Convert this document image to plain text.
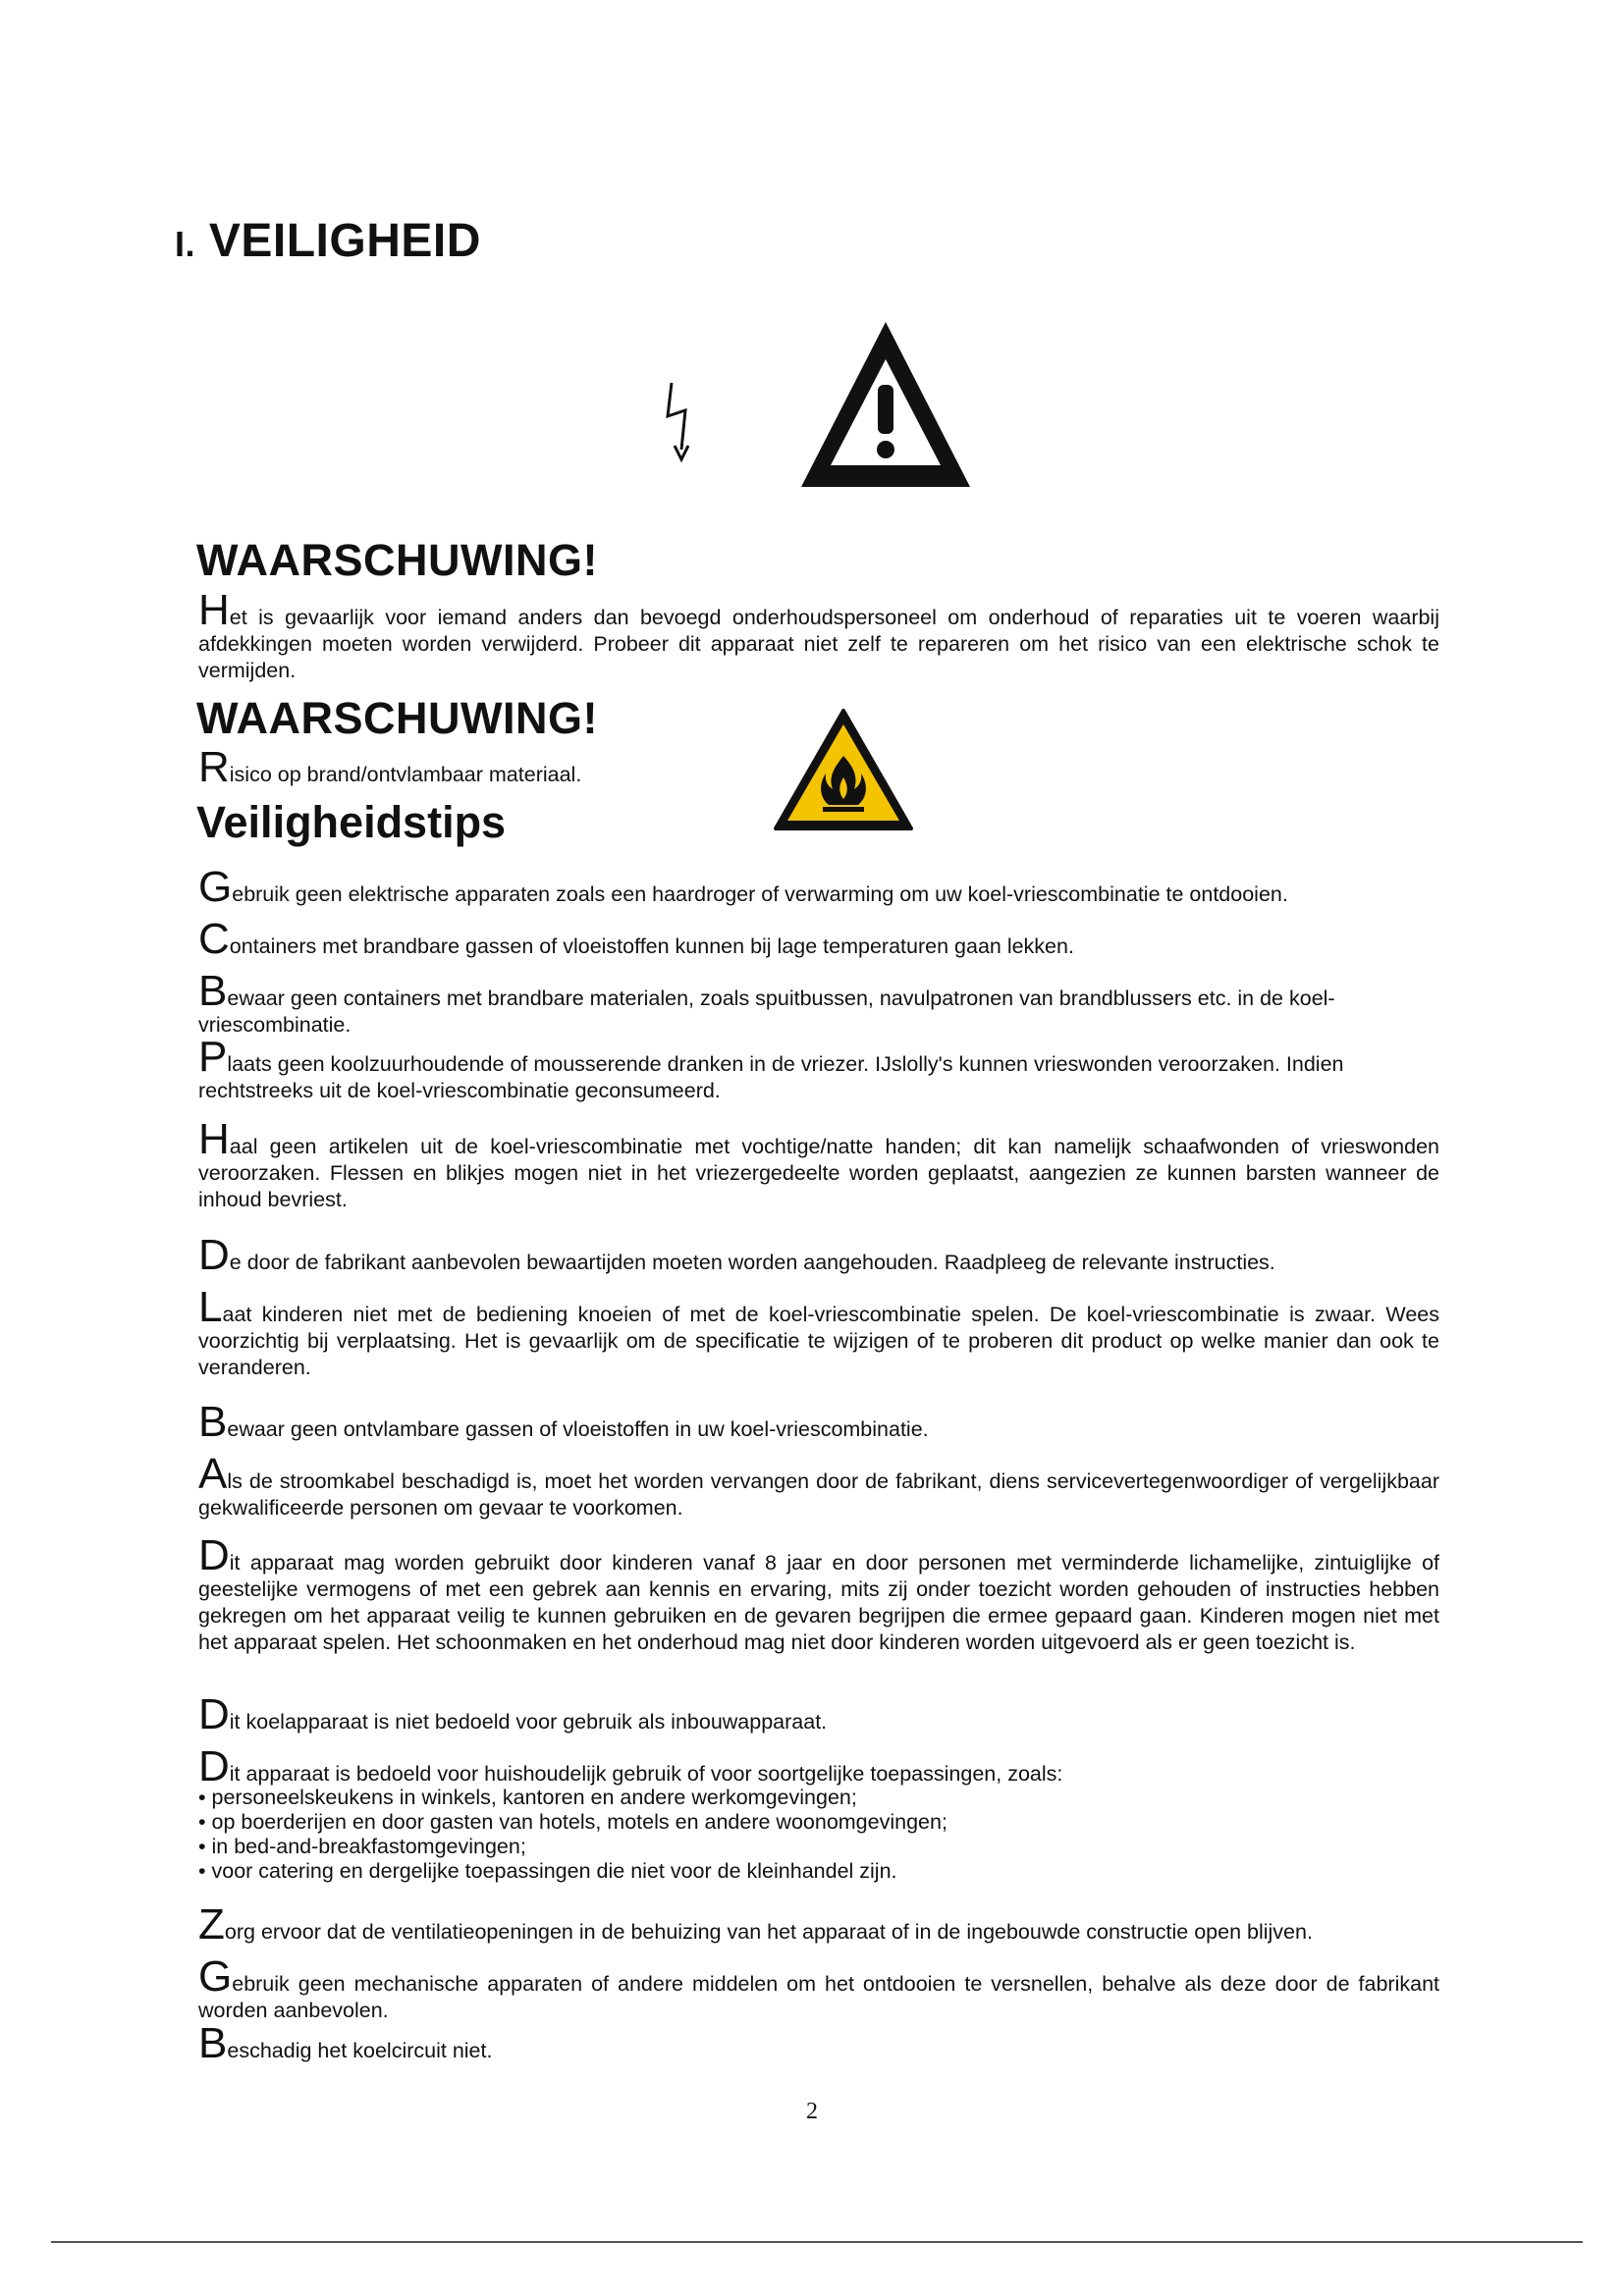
I. VEILIGHEID
WAARSCHUWING!
Het is gevaarlijk voor iemand anders dan bevoegd onderhoudspersoneel om onderhoud of reparaties uit te voeren waarbij afdekkingen moeten worden verwijderd. Probeer dit apparaat niet zelf te repareren om het risico van een elektrische schok te vermijden.
WAARSCHUWING!
Risico op brand/ontvlambaar materiaal.
Veiligheidstips
Gebruik geen elektrische apparaten zoals een haardroger of verwarming om uw koel-vriescombinatie te ontdooien.
Containers met brandbare gassen of vloeistoffen kunnen bij lage temperaturen gaan lekken.
Bewaar geen containers met brandbare materialen, zoals spuitbussen, navulpatronen van brandblussers etc. in de koel-vriescombinatie.
Plaats geen koolzuurhoudende of mousserende dranken in de vriezer. IJslolly's kunnen vrieswonden veroorzaken. Indien rechtstreeks uit de koel-vriescombinatie geconsumeerd.
Haal geen artikelen uit de koel-vriescombinatie met vochtige/natte handen; dit kan namelijk schaafwonden of vrieswonden veroorzaken. Flessen en blikjes mogen niet in het vriezergedeelte worden geplaatst, aangezien ze kunnen barsten wanneer de inhoud bevriest.
De door de fabrikant aanbevolen bewaartijden moeten worden aangehouden. Raadpleeg de relevante instructies.
Laat kinderen niet met de bediening knoeien of met de koel-vriescombinatie spelen. De koel-vriescombinatie is zwaar. Wees voorzichtig bij verplaatsing. Het is gevaarlijk om de specificatie te wijzigen of te proberen dit product op welke manier dan ook te veranderen.
Bewaar geen ontvlambare gassen of vloeistoffen in uw koel-vriescombinatie.
Als de stroomkabel beschadigd is, moet het worden vervangen door de fabrikant, diens servicevertegenwoordiger of vergelijkbaar gekwalificeerde personen om gevaar te voorkomen.
Dit apparaat mag worden gebruikt door kinderen vanaf 8 jaar en door personen met verminderde lichamelijke, zintuiglijke of geestelijke vermogens of met een gebrek aan kennis en ervaring, mits zij onder toezicht worden gehouden of instructies hebben gekregen om het apparaat veilig te kunnen gebruiken en de gevaren begrijpen die ermee gepaard gaan. Kinderen mogen niet met het apparaat spelen. Het schoonmaken en het onderhoud mag niet door kinderen worden uitgevoerd als er geen toezicht is.
Dit koelapparaat is niet bedoeld voor gebruik als inbouwapparaat.
Dit apparaat is bedoeld voor huishoudelijk gebruik of voor soortgelijke toepassingen, zoals:
• personeelskeukens in winkels, kantoren en andere werkomgevingen;
• op boerderijen en door gasten van hotels, motels en andere woonomgevingen;
• in bed-and-breakfastomgevingen;
• voor catering en dergelijke toepassingen die niet voor de kleinhandel zijn.
Zorg ervoor dat de ventilatieopeningen in de behuizing van het apparaat of in de ingebouwde constructie open blijven.
Gebruik geen mechanische apparaten of andere middelen om het ontdooien te versnellen, behalve als deze door de fabrikant worden aanbevolen.
Beschadig het koelcircuit niet.
2
